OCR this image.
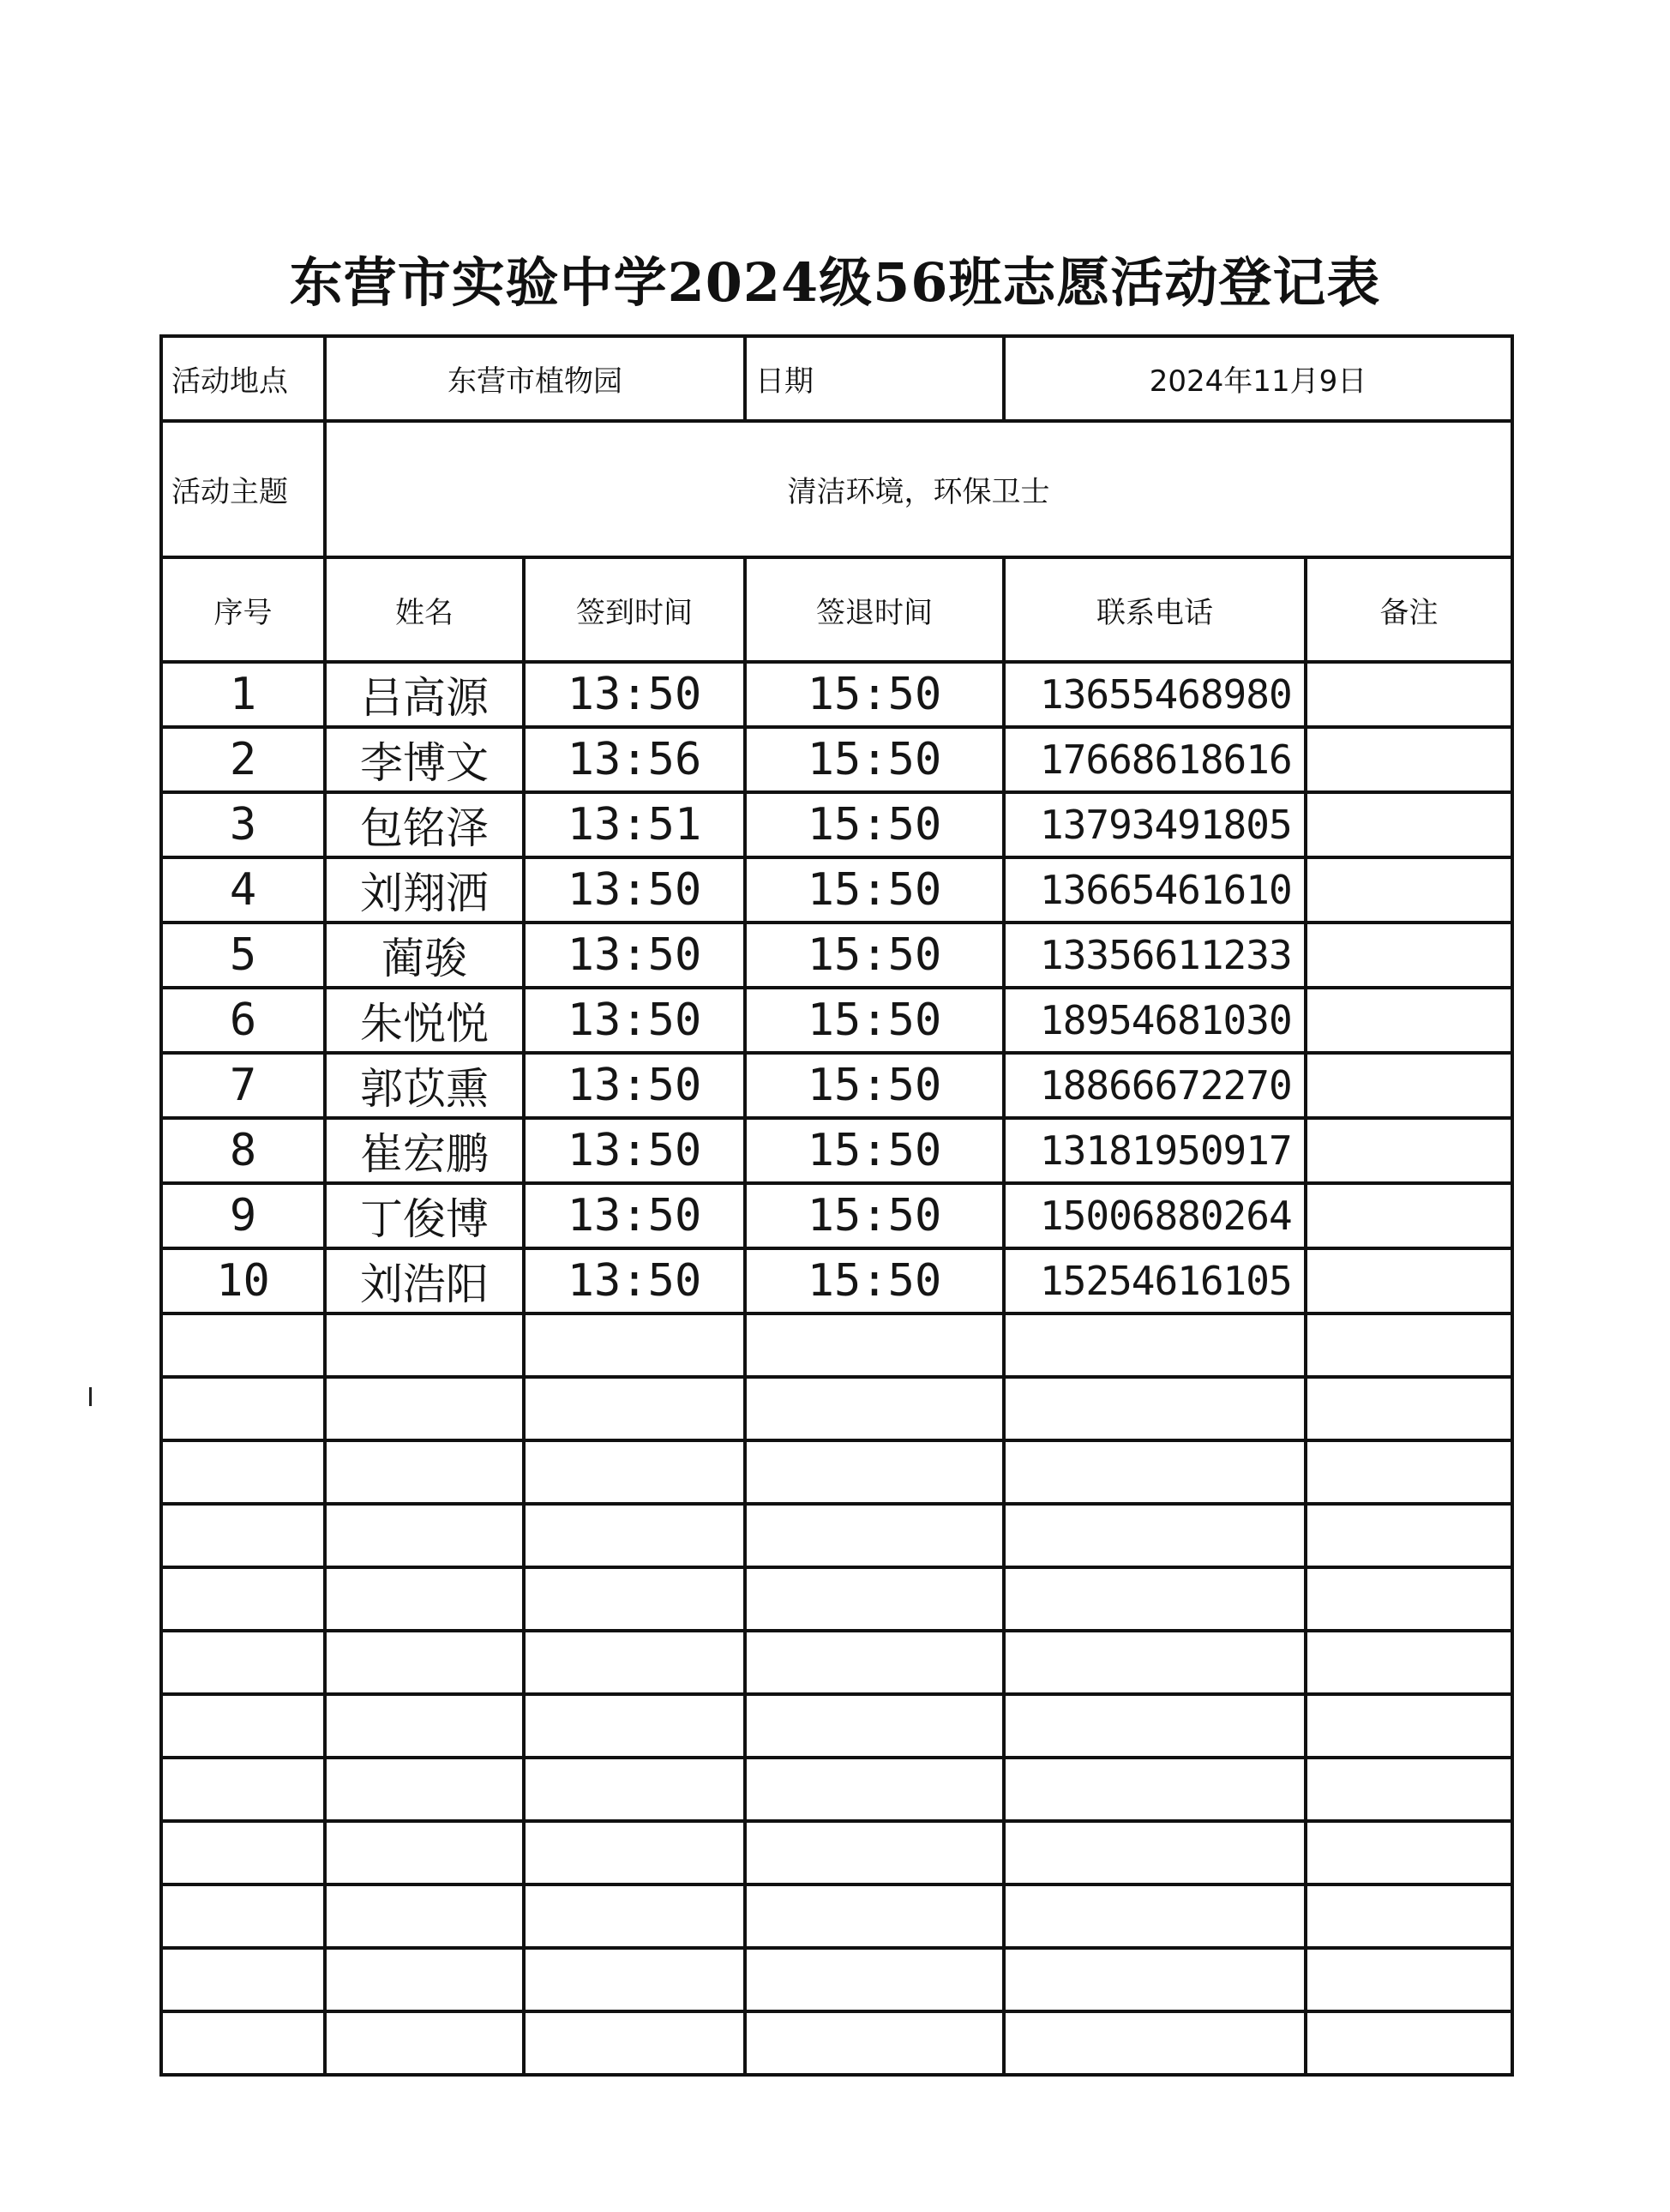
东营市实验中学2024级56班志愿活动登记表
活动地点	东营市植物园		日期	2024年11月9日	
活动主题	清洁环境，环保卫士				
序号	姓名	签到时间	签退时间	联系电话	备注
1	吕高源	13:50	15:50	13655468980	
2	李博文	13:56	15:50	17668618616	
3	包铭泽	13:51	15:50	13793491805	
4	刘翔洒	13:50	15:50	13665461610	
5	蔺骏	13:50	15:50	13356611233	
6	朱悦悦	13:50	15:50	18954681030	
7	郭苡熏	13:50	15:50	18866672270	
8	崔宏鹏	13:50	15:50	13181950917	
9	丁俊博	13:50	15:50	15006880264	
10	刘浩阳	13:50	15:50	15254616105	
